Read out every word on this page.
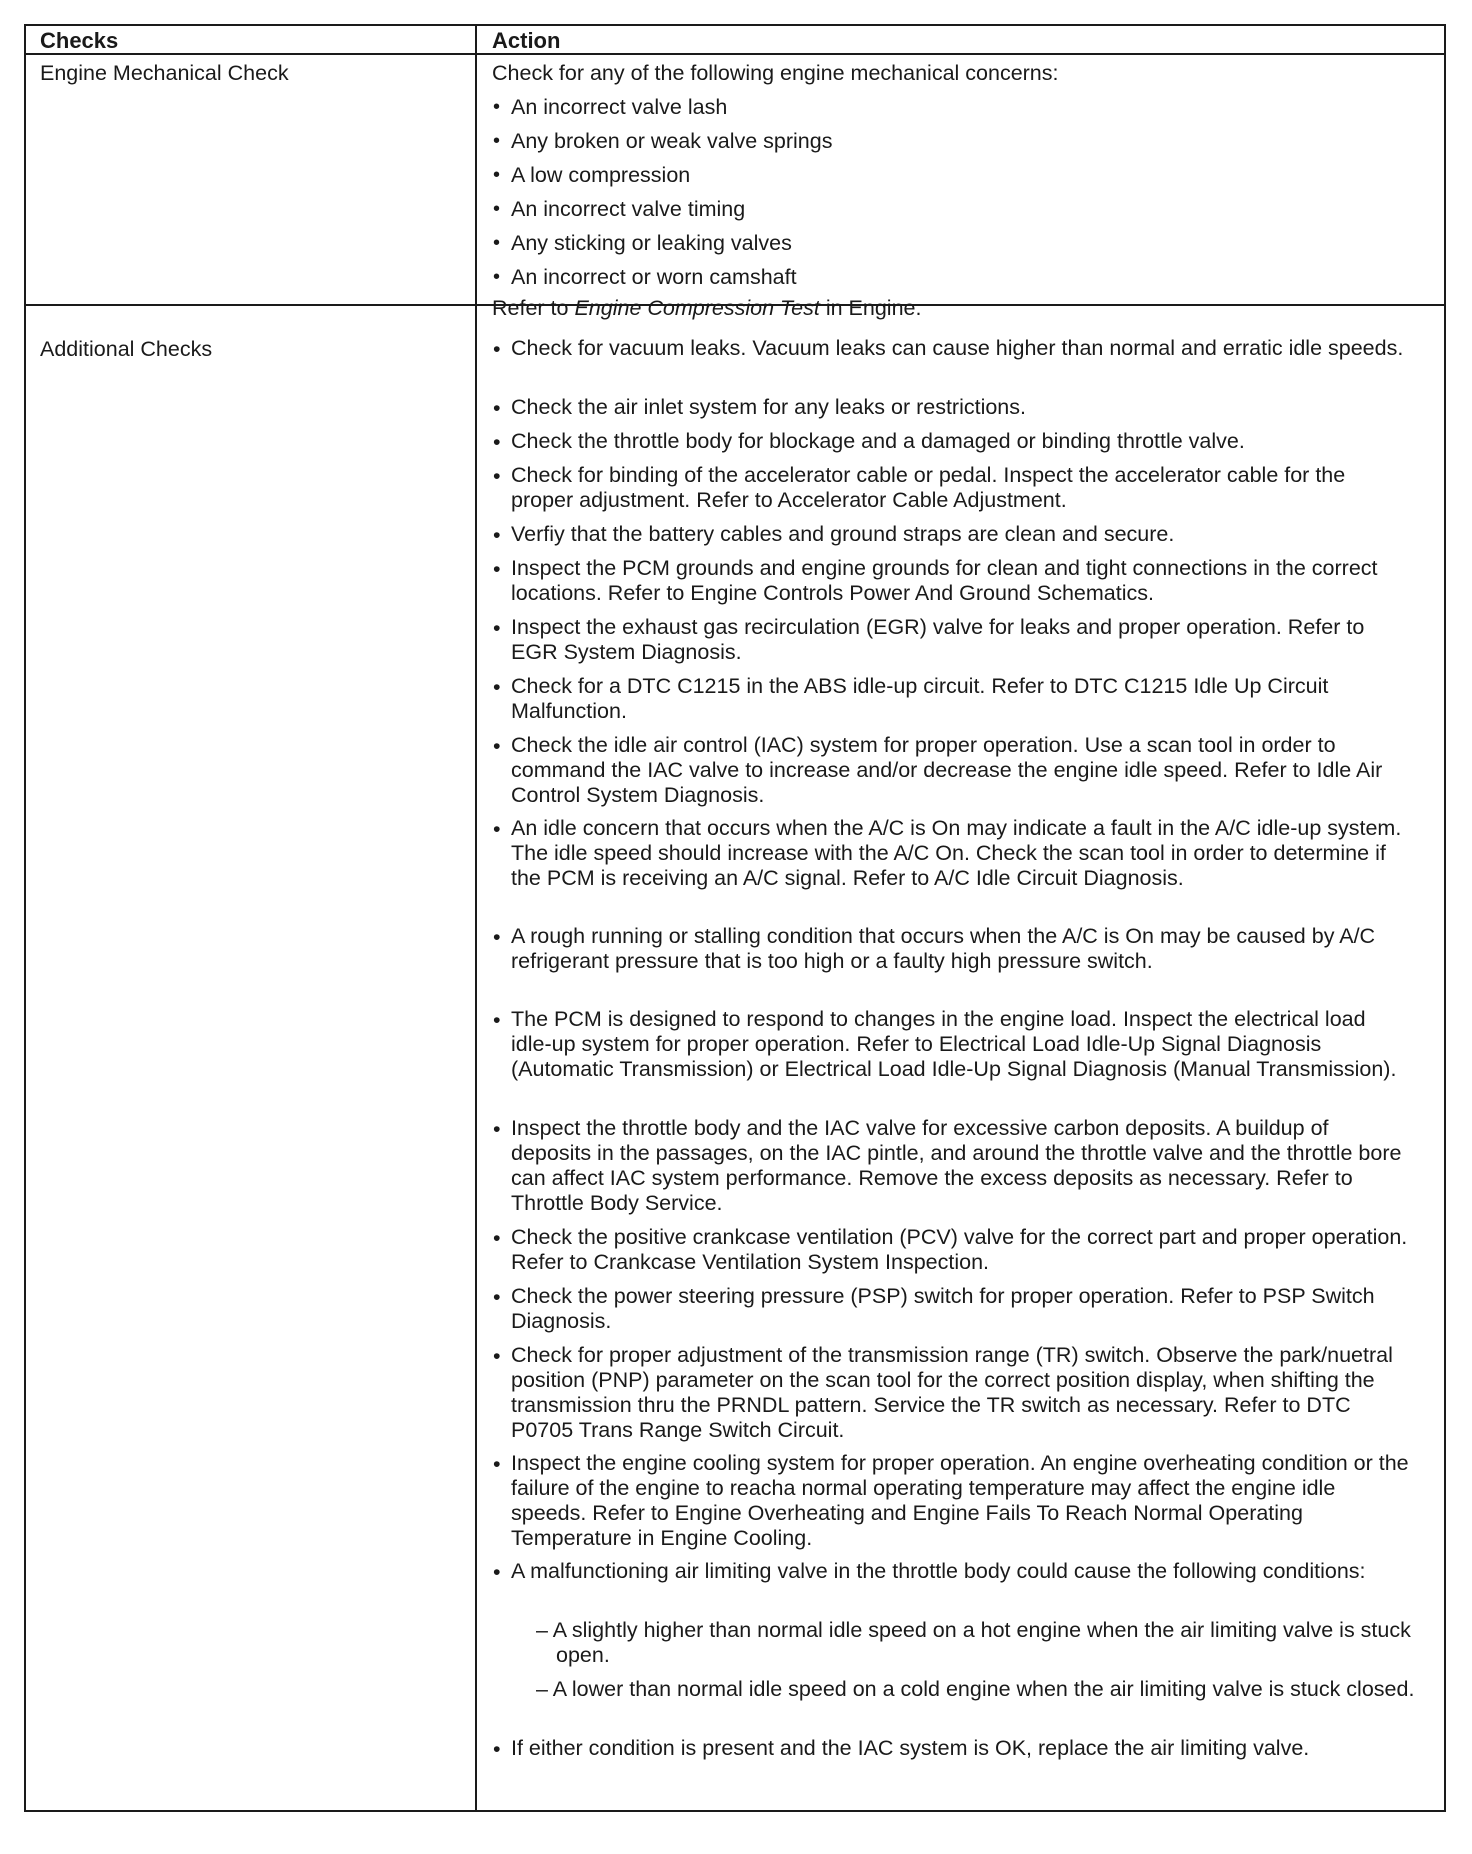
Checks	Action
Engine Mechanical Check	Check for any of the following engine mechanical concerns:
• An incorrect valve lash
• Any broken or weak valve springs
• A low compression
• An incorrect valve timing
• Any sticking or leaking valves
• An incorrect or worn camshaft
Refer to Engine Compression Test in Engine.
Additional Checks	• Check for vacuum leaks. Vacuum leaks can cause higher than normal and erratic idle speeds.
• Check the air inlet system for any leaks or restrictions.
• Check the throttle body for blockage and a damaged or binding throttle valve.
• Check for binding of the accelerator cable or pedal. Inspect the accelerator cable for the proper adjustment. Refer to Accelerator Cable Adjustment.
• Verfiy that the battery cables and ground straps are clean and secure.
• Inspect the PCM grounds and engine grounds for clean and tight connections in the correct locations. Refer to Engine Controls Power And Ground Schematics.
• Inspect the exhaust gas recirculation (EGR) valve for leaks and proper operation. Refer to EGR System Diagnosis.
• Check for a DTC C1215 in the ABS idle-up circuit. Refer to DTC C1215 Idle Up Circuit Malfunction.
• Check the idle air control (IAC) system for proper operation. Use a scan tool in order to command the IAC valve to increase and/or decrease the engine idle speed. Refer to Idle Air Control System Diagnosis.
• An idle concern that occurs when the A/C is On may indicate a fault in the A/C idle-up system. The idle speed should increase with the A/C On. Check the scan tool in order to determine if the PCM is receiving an A/C signal. Refer to A/C Idle Circuit Diagnosis.
• A rough running or stalling condition that occurs when the A/C is On may be caused by A/C refrigerant pressure that is too high or a faulty high pressure switch.
• The PCM is designed to respond to changes in the engine load. Inspect the electrical load idle-up system for proper operation. Refer to Electrical Load Idle-Up Signal Diagnosis (Automatic Transmission) or Electrical Load Idle-Up Signal Diagnosis (Manual Transmission).
• Inspect the throttle body and the IAC valve for excessive carbon deposits. A buildup of deposits in the passages, on the IAC pintle, and around the throttle valve and the throttle bore can affect IAC system performance. Remove the excess deposits as necessary. Refer to Throttle Body Service.
• Check the positive crankcase ventilation (PCV) valve for the correct part and proper operation. Refer to Crankcase Ventilation System Inspection.
• Check the power steering pressure (PSP) switch for proper operation. Refer to PSP Switch Diagnosis.
• Check for proper adjustment of the transmission range (TR) switch. Observe the park/nuetral position (PNP) parameter on the scan tool for the correct position display, when shifting the transmission thru the PRNDL pattern. Service the TR switch as necessary. Refer to DTC P0705 Trans Range Switch Circuit.
• Inspect the engine cooling system for proper operation. An engine overheating condition or the failure of the engine to reacha normal operating temperature may affect the engine idle speeds. Refer to Engine Overheating and Engine Fails To Reach Normal Operating Temperature in Engine Cooling.
• A malfunctioning air limiting valve in the throttle body could cause the following conditions:
– A slightly higher than normal idle speed on a hot engine when the air limiting valve is stuck open.
– A lower than normal idle speed on a cold engine when the air limiting valve is stuck closed.
• If either condition is present and the IAC system is OK, replace the air limiting valve.
